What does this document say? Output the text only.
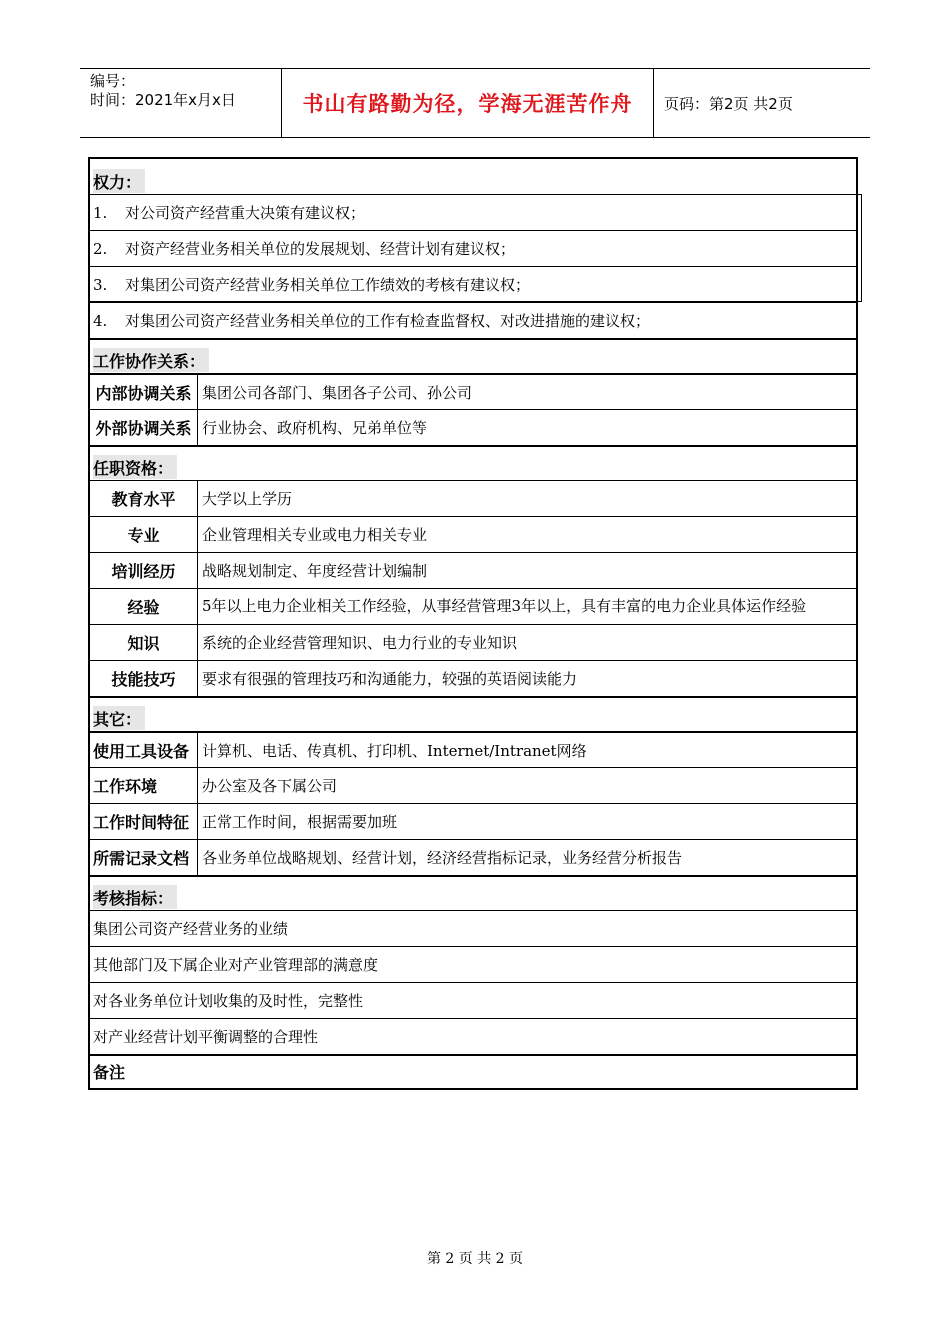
编号：
时间：2021年x月x日	书山有路勤为径，学海无涯苦作舟 页码：第2页 共2页
权力：
1.	对公司资产经营重大决策有建议权；
2.	对资产经营业务相关单位的发展规划、经营计划有建议权；
3.	对集团公司资产经营业务相关单位工作绩效的考核有建议权；
4.	对集团公司资产经营业务相关单位的工作有检查监督权、对改进措施的建议权；
工作协作关系：
内部协调关系 集团公司各部门、集团各子公司、孙公司
外部协调关系 行业协会、政府机构、兄弟单位等
任职资格：
教育水平	大学以上学历
专业	企业管理相关专业或电力相关专业
培训经历	战略规划制定、年度经营计划编制
经验	5年以上电力企业相关工作经验，从事经营管理3年以上，具有丰富的电力企业具体运作经验
知识	系统的企业经营管理知识、电力行业的专业知识
技能技巧	要求有很强的管理技巧和沟通能力，较强的英语阅读能力
其它：
使用工具设备 计算机、电话、传真机、打印机、Internet/Intranet网络
工作环境	办公室及各下属公司
工作时间特征 正常工作时间，根据需要加班
所需记录文档 各业务单位战略规划、经营计划，经济经营指标记录，业务经营分析报告
考核指标：
集团公司资产经营业务的业绩
其他部门及下属企业对产业管理部的满意度
对各业务单位计划收集的及时性，完整性
对产业经营计划平衡调整的合理性
备注
第 2 页 共 2 页
